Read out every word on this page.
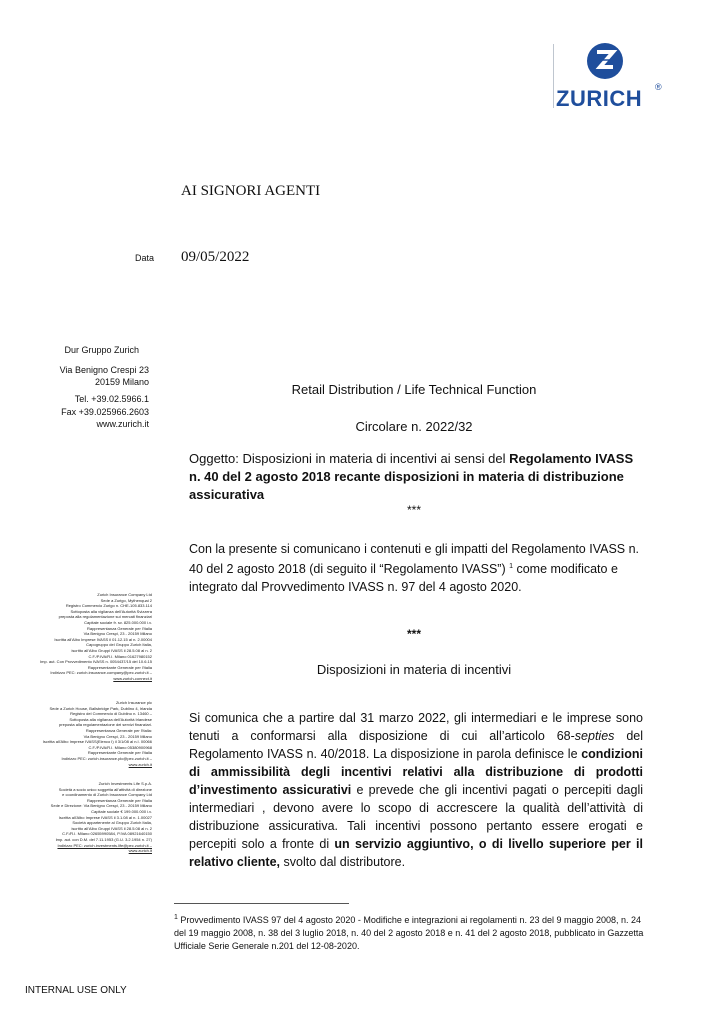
ZURICH ®
AI SIGNORI AGENTI
Data 09/05/2022
Dur Gruppo Zurich
Via Benigno Crespi 23
20159 Milano
Tel. +39.02.5966.1
Fax +39.025966.2603
www.zurich.it
Zurich Insurance Company Ltd
Sede a Zurigo, Mythenquai 2
Registro Commercio Zurigo n. CHE-105.833.114
Sottoposta alla vigilanza dell'Autorità Svizzera
preposta alla regolamentazione sui mercati finanziari
Capitale sociale fr. sv. 825.000.000 i.v.
Rappresentanza Generale per l'Italia
Via Benigno Crespi, 23 - 20159 Milano
Iscritta all'Albo Imprese IVASS il 01.12.15 al n. 2.00004
Capogruppo del Gruppo Zurich Italia,
iscritto all'Albo Gruppi IVASS il 28.5.08 al n. 2
C.F./P.IVA/R.I. Milano 01627980152
Imp. aut. Con Provvedimento IVASS n. 0054437/15 del 10.6.15
Rappresentante Generale per l'Italia
Indirizzo PEC: zurich.insurance.company@pec.zurich.it –
www.zurich-connect.it
Zurich Insurance plc
Sede a Zurich House, Ballsbridge Park, Dublino 4, Irlanda
Registro del Commercio di Dublino n. 13460 –
Sottoposta alla vigilanza dell'Autorità Irlandese
preposta alla regolamentazione dei servizi finanziari.
Rappresentanza Generale per l'Italia:
Via Benigno Crespi, 23 - 20159 Milano
Iscritta all'Albo Imprese IVASS(Elenco I) il 3/1/08 al n.I. 00066
C.F./P.IVA/R.I. Milano 05380900968
Rappresentante Generale per l'Italia
Indirizzo PEC: zurich.insurance.plc@pec.zurich.it –
www.zurich.it
Zurich Investments Life S.p.A.
Società a socio unico soggetta all'attività di direzione
e coordinamento di Zurich Insurance Company Ltd
Rappresentanza Generale per l'Italia
Sede e Direzione: Via Benigno Crespi, 23 - 20159 Milano
Capitale sociale € 199.000.000 i.v.
Iscritta all'Albo Imprese IVASS il 3.1.08 al n. 1.00027
Società appartenente al Gruppo Zurich Italia,
iscritto all'Albo Gruppi IVASS il 28.5.08 al n. 2
C.F./R.I. Milano 02655990584, P.IVA 08921640150
Imp. aut. con D.M. del 7.11.1953 (G.U. 3.2.1954 n. 27)
Indirizzo PEC: zurich.investments.life@pec.zurich.it –
www.zurich.it
Retail Distribution / Life Technical Function
Circolare n. 2022/32
Oggetto: Disposizioni in materia di incentivi ai sensi del Regolamento IVASS n. 40 del 2 agosto 2018 recante disposizioni in materia di distribuzione assicurativa
***
Con la presente si comunicano i contenuti e gli impatti del Regolamento IVASS n. 40 del 2 agosto 2018 (di seguito il “Regolamento IVASS”) $^1$ come modificato e integrato dal Provvedimento IVASS n. 97 del 4 agosto 2020.
***
Disposizioni in materia di incentivi
Si comunica che a partire dal 31 marzo 2022, gli intermediari e le imprese sono tenuti a conformarsi alla disposizione di cui all’articolo 68-septies del Regolamento IVASS n. 40/2018. La disposizione in parola definisce le condizioni di ammissibilità degli incentivi relativi alla distribuzione di prodotti d’investimento assicurativi e prevede che gli incentivi pagati o percepiti dagli intermediari , devono avere lo scopo di accrescere la qualità dell’attività di distribuzione assicurativa. Tali incentivi possono pertanto essere erogati e percepiti solo a fronte di un servizio aggiuntivo, o di livello superiore per il relativo cliente, svolto dal distributore.
$^1$ Provvedimento IVASS 97 del 4 agosto 2020 - Modifiche e integrazioni ai regolamenti n. 23 del 9 maggio 2008, n. 24 del 19 maggio 2008, n. 38 del 3 luglio 2018, n. 40 del 2 agosto 2018 e n. 41 del 2 agosto 2018, pubblicato in Gazzetta Ufficiale Serie Generale n.201 del 12-08-2020.
INTERNAL USE ONLY
